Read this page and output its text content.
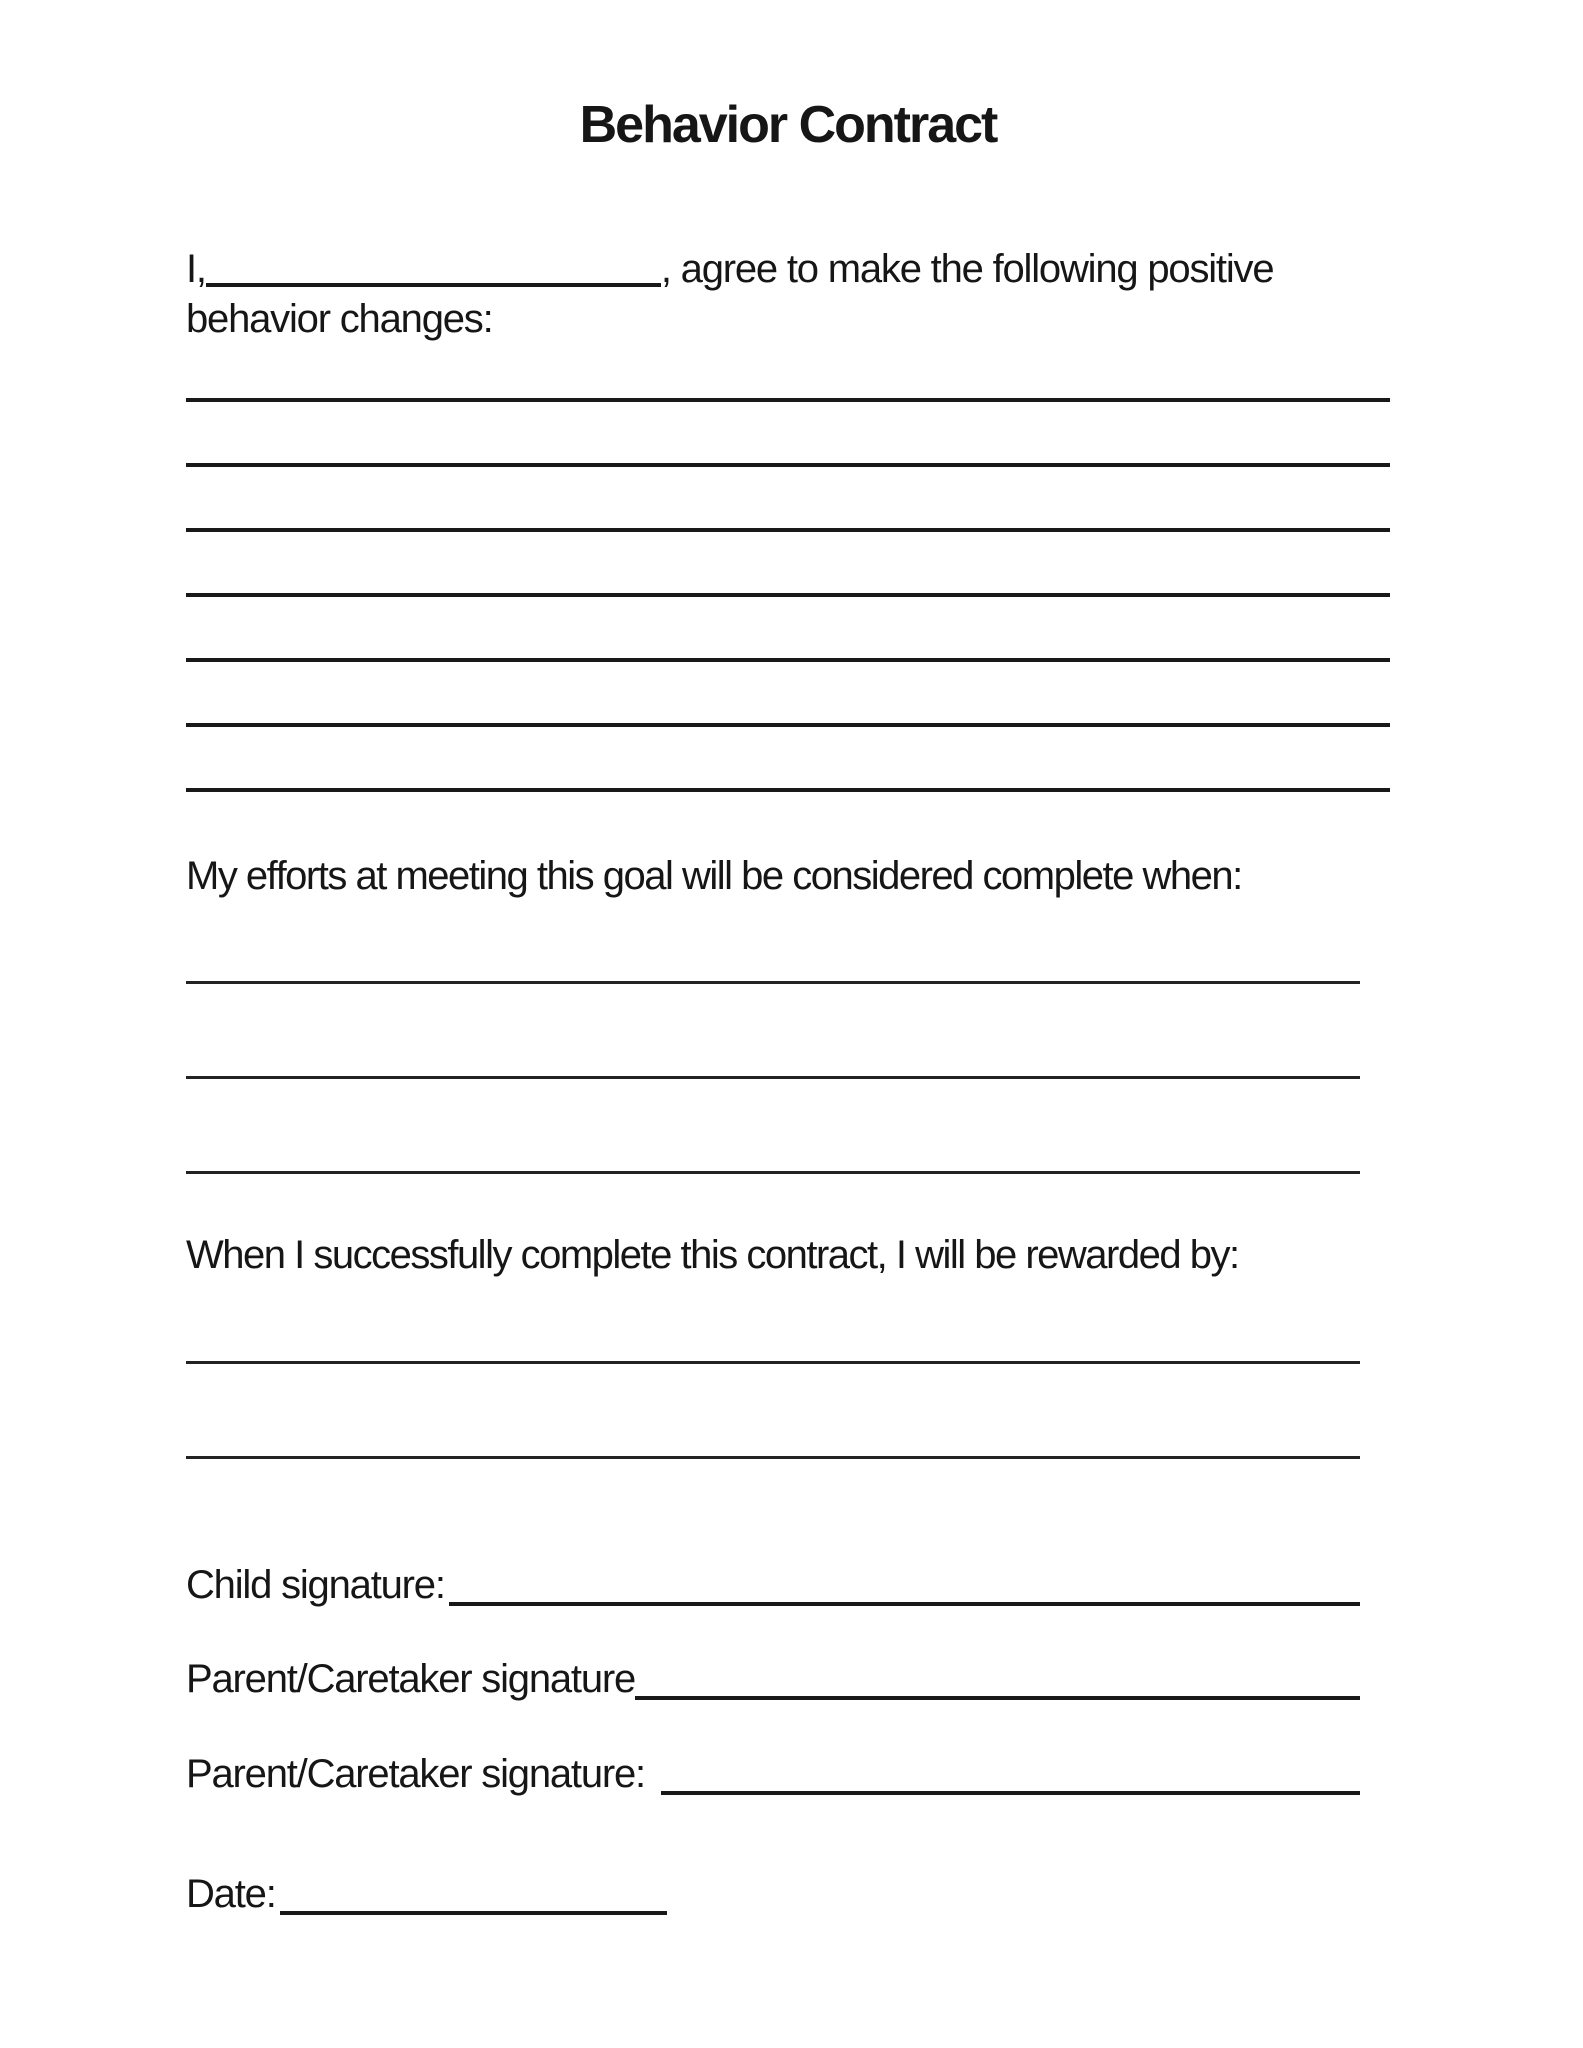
Behavior Contract

I,	, agree to make the following positive behavior changes:

My efforts at meeting this goal will be considered complete when:

When I successfully complete this contract, I will be rewarded by:

Child signature:
Parent/Caretaker signature
Parent/Caretaker signature:
Date:
